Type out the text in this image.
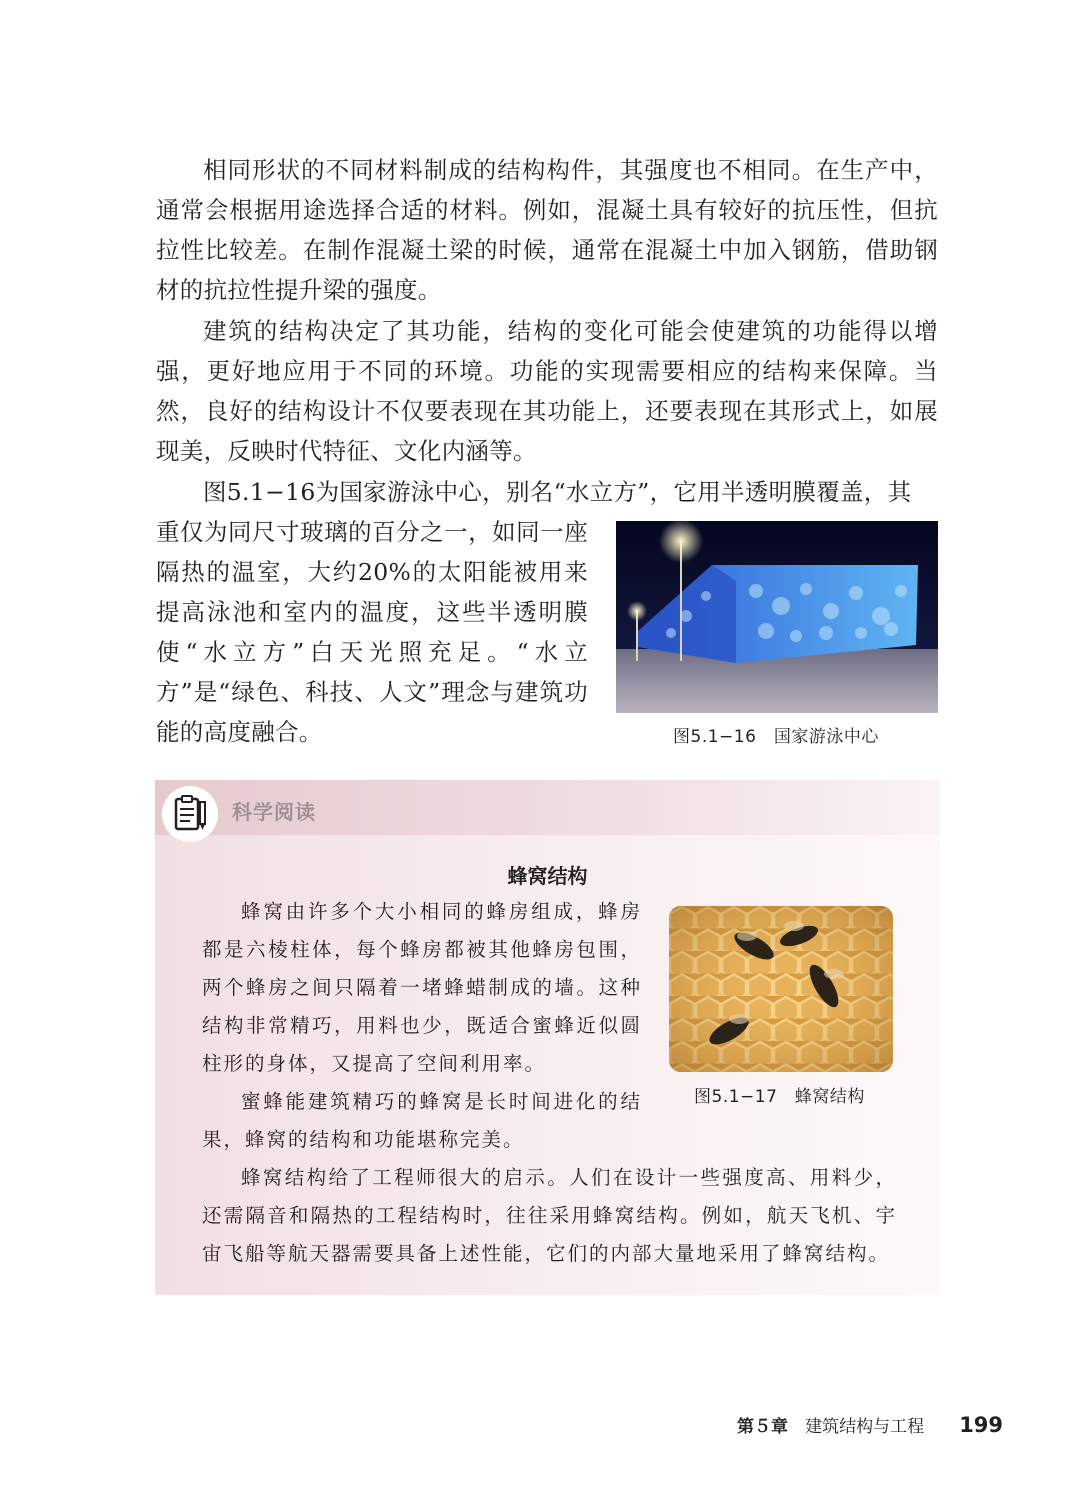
相同形状的不同材料制成的结构构件，其强度也不相同。在生产中，通常会根据用途选择合适的材料。例如，混凝土具有较好的抗压性，但抗拉性比较差。在制作混凝土梁的时候，通常在混凝土中加入钢筋，借助钢材的抗拉性提升梁的强度。

建筑的结构决定了其功能，结构的变化可能会使建筑的功能得以增强，更好地应用于不同的环境。功能的实现需要相应的结构来保障。当然，良好的结构设计不仅要表现在其功能上，还要表现在其形式上，如展现美，反映时代特征、文化内涵等。

图5.1−16为国家游泳中心，别名“水立方”，它用半透明膜覆盖，其

重仅为同尺寸玻璃的百分之一，如同一座隔热的温室，大约20%的太阳能被用来提高泳池和室内的温度，这些半透明膜使“水立方”白天光照充足。“水立方”是“绿色、科技、人文”理念与建筑功能的高度融合。	图5.1−16　国家游泳中心

科学阅读

蜂窝结构

蜂窝由许多个大小相同的蜂房组成，蜂房都是六棱柱体，每个蜂房都被其他蜂房包围，两个蜂房之间只隔着一堵蜂蜡制成的墙。这种结构非常精巧，用料也少，既适合蜜蜂近似圆柱形的身体，又提高了空间利用率。

蜜蜂能建筑精巧的蜂窝是长时间进化的结果，蜂窝的结构和功能堪称完美。

蜂窝结构给了工程师很大的启示。人们在设计一些强度高、用料少，还需隔音和隔热的工程结构时，往往采用蜂窝结构。例如，航天飞机、宇宙飞船等航天器需要具备上述性能，它们的内部大量地采用了蜂窝结构。

图5.1−17　蜂窝结构

第５章 建筑结构与工程 199
